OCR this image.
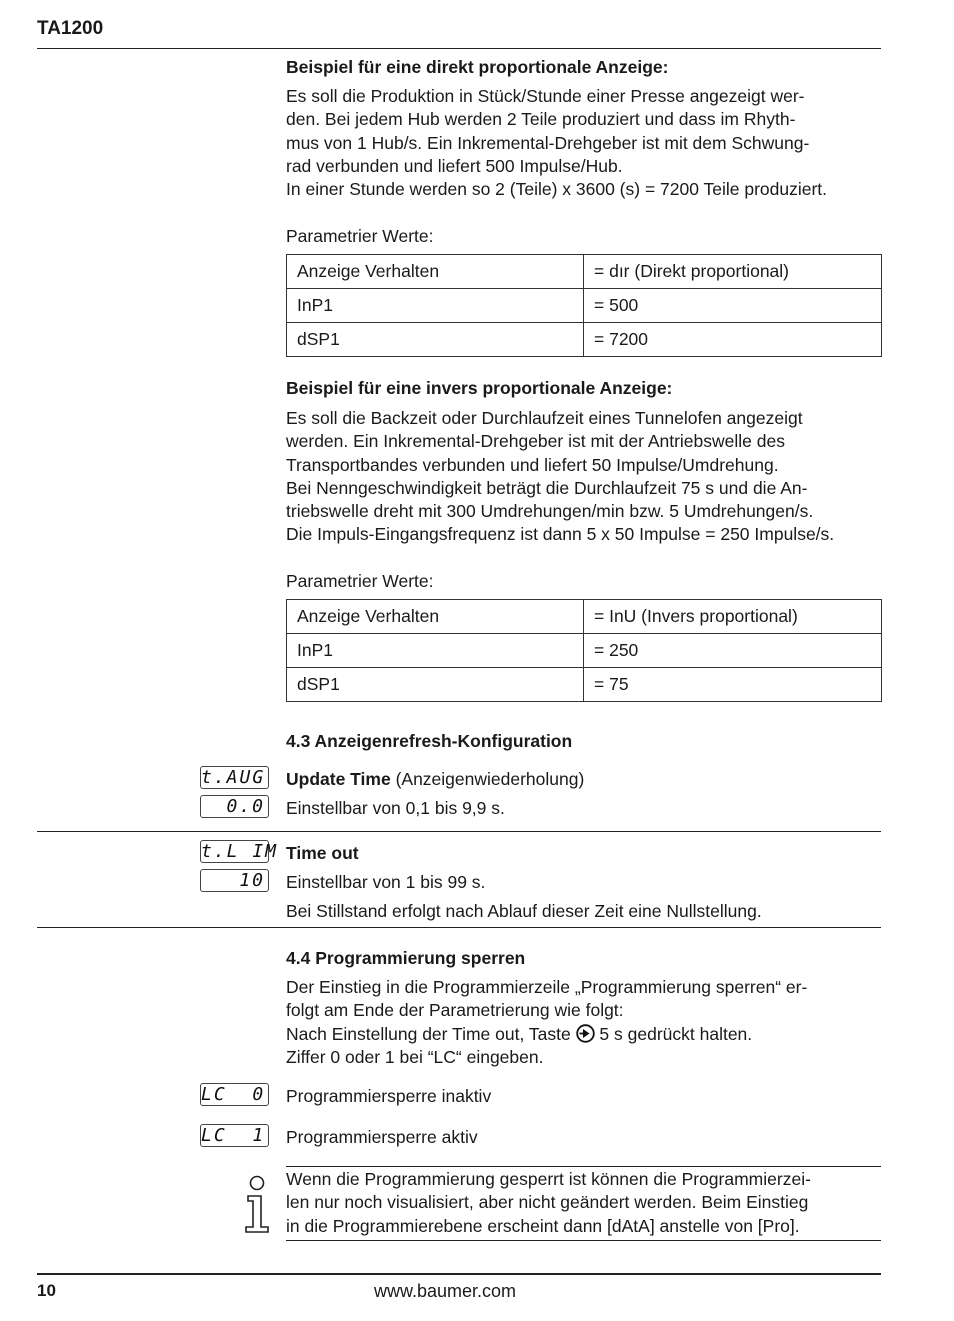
TA1200
Beispiel für eine direkt proportionale Anzeige:
Es soll die Produktion in Stück/Stunde einer Presse angezeigt wer-
den. Bei jedem Hub werden 2 Teile produziert und dass im Rhyth-
mus von 1 Hub/s. Ein Inkremental-Drehgeber ist mit dem Schwung-
rad verbunden und liefert 500 Impulse/Hub.
In einer Stunde werden so 2 (Teile) x 3600 (s) = 7200 Teile produziert.
Parametrier Werte:
Anzeige Verhalten	= dır (Direkt proportional)
InP1	= 500
dSP1	= 7200
Beispiel für eine invers proportionale Anzeige:
Es soll die Backzeit oder Durchlaufzeit eines Tunnelofen angezeigt
werden. Ein Inkremental-Drehgeber ist mit der Antriebswelle des
Transportbandes verbunden und liefert 50 Impulse/Umdrehung.
Bei Nenngeschwindigkeit beträgt die Durchlaufzeit 75 s und die An-
triebswelle dreht mit 300 Umdrehungen/min bzw. 5 Umdrehungen/s.
Die Impuls-Eingangsfrequenz ist dann 5 x 50 Impulse = 250 Impulse/s.
Parametrier Werte:
Anzeige Verhalten	= InU (Invers proportional)
InP1	= 250
dSP1	= 75
4.3 Anzeigenrefresh-Konfiguration
t.AUG
0.0
Update Time (Anzeigenwiederholung)
Einstellbar von 0,1 bis 9,9 s.
t.L IM
10
Time out
Einstellbar von 1 bis 99 s.
Bei Stillstand erfolgt nach Ablauf dieser Zeit eine Nullstellung.
4.4 Programmierung sperren
Der Einstieg in die Programmierzeile „Programmierung sperren“ er-
folgt am Ende der Parametrierung wie folgt:
Nach Einstellung der Time out, Taste  5 s gedrückt halten.
Ziffer 0 oder 1 bei “LC“ eingeben.
LC  0 Programmiersperre inaktiv
LC  1 Programmiersperre aktiv
Wenn die Programmierung gesperrt ist können die Programmierzei-
len nur noch visualisiert, aber nicht geändert werden. Beim Einstieg
in die Programmierebene erscheint dann [dAtA] anstelle von [Pro].
10	www.baumer.com
